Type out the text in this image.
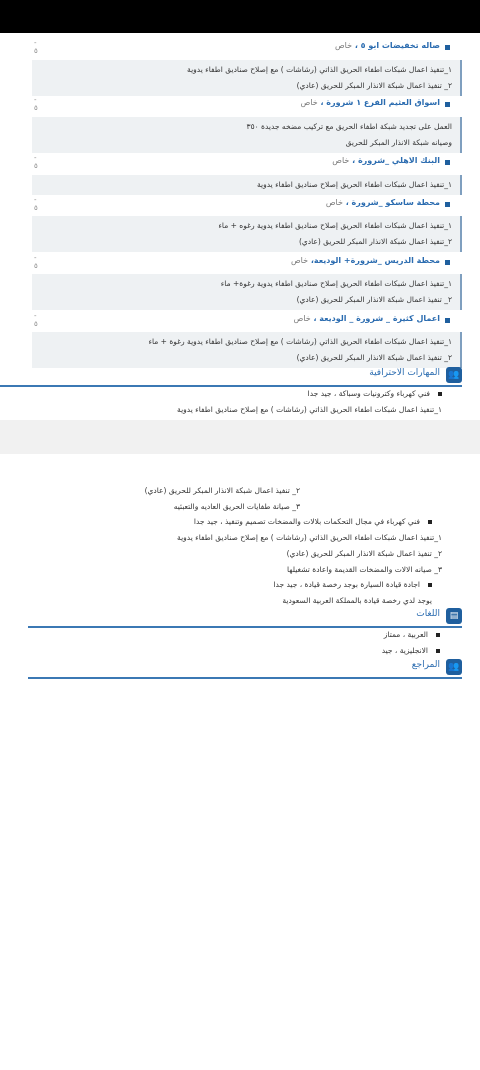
-
٥
صاله تخفيضات ابو ٥ ، خاص
١_تنفيذ اعمال شبكات اطفاء الحريق الذاتي (رشاشات ) مع إصلاح صناديق اطفاء يدوية
٢_ تنفيذ اعمال شبكة الانذار المبكر للحريق (عادي)
-
٥
اسواق العثيم الفرع ١ شرورة ، خاص
العمل على تجديد شبكة اطفاء الحريق مع تركيب مضخه جديدة ٣٥٠
وصيانه شبكة الانذار المبكر للحريق
-
٥
البنك الاهلي _شرورة ، خاص
١_تنفيذ اعمال شبكات اطفاء الحريق إصلاح صناديق اطفاء يدوية
-
٥
محطة ساسكو _شرورة ، خاص
١_تنفيذ اعمال شبكات اطفاء الحريق إصلاح صناديق اطفاء يدوية رغوه + ماء
٢_تنفيذ اعمال شبكة الانذار المبكر للحريق (عادي)
-
٥
محطة الدريس _شرورة+ الوديعة، خاص
١_تنفيذ اعمال شبكات اطفاء الحريق إصلاح صناديق اطفاء يدوية رغوة+ ماء
٢_ تنفيذ اعمال شبكة الانذار المبكر للحريق (عادي)
-
٥
اعمال كثيرة _ شرورة _ الوديعة ، خاص
١_تنفيذ اعمال شبكات اطفاء الحريق الذاتي (رشاشات ) مع إصلاح صناديق اطفاء يدوية رغوة + ماء
٢_ تنفيذ اعمال شبكة الانذار المبكر للحريق (عادي)
👥
المهارات الاحترافية
فني كهرباء وكترونيات وسباكة ، جيد جدا
١_تنفيذ اعمال شبكات اطفاء الحريق الذاتي (رشاشات ) مع إصلاح صناديق اطفاء يدوية
٢_ تنفيذ اعمال شبكة الانذار المبكر للحريق (عادي)
٣_ صيانة طفايات الحريق العاديه والتعبئيه
فني كهرباء في مجال التحكمات بلالات والمضخات تصميم وتنفيذ ، جيد جدا
١_تنفيذ اعمال شبكات اطفاء الحريق الذاتي (رشاشات ) مع إصلاح صناديق اطفاء يدوية
٢_ تنفيذ اعمال شبكة الانذار المبكر للحريق (عادي)
٣_ صيانه الالات والمضخات القديمة واعادة تشغيلها
اجادة قيادة السيارة بوجد رخصة قيادة ، جيد جدا
يوجد لدي رخصة قيادة بالمملكة العربية السعودية
▤
اللغات
العربية ، ممتاز
الانجليزية ، جيد
👥
المراجع
